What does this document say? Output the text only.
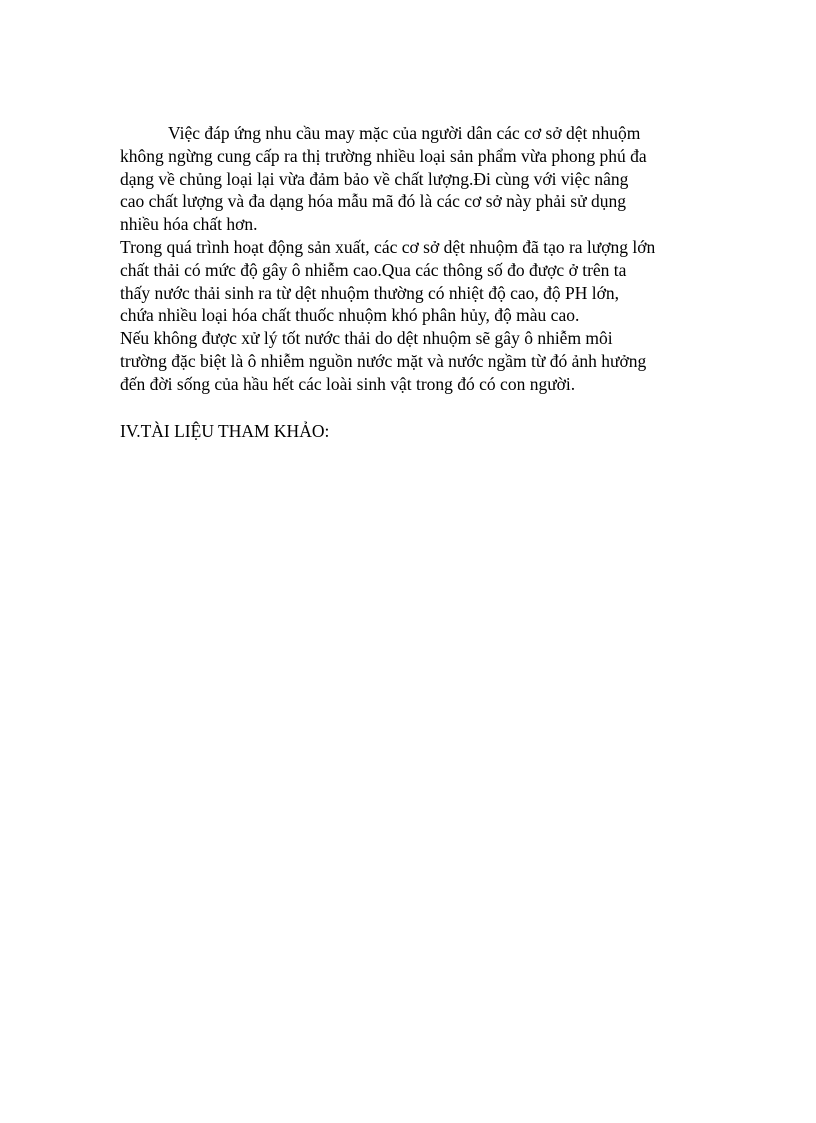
Việc đáp ứng nhu cầu may mặc của người dân các cơ sở dệt nhuộm
không ngừng cung cấp ra thị trường nhiều loại sản phẩm vừa phong phú đa
dạng về chủng loại lại vừa đảm bảo về chất lượng.Đi cùng với việc nâng
cao chất lượng và đa dạng hóa mẫu mã đó là các cơ sở này phải sử dụng
nhiều hóa chất hơn.

Trong quá trình hoạt động sản xuất, các cơ sở dệt nhuộm đã tạo ra lượng lớn
chất thải có mức độ gây ô nhiễm cao.Qua các thông số đo được ở trên ta
thấy nước thải sinh ra từ dệt nhuộm thường có nhiệt độ cao, độ PH lớn,
chứa nhiều loại hóa chất thuốc nhuộm khó phân hủy, độ màu cao.

Nếu không được xử lý tốt nước thải do dệt nhuộm sẽ gây ô nhiễm môi
trường đặc biệt là ô nhiễm nguồn nước mặt và nước ngầm từ đó ảnh hưởng
đến đời sống của hầu hết các loài sinh vật trong đó có con người.

IV.TÀI LIỆU THAM KHẢO:
